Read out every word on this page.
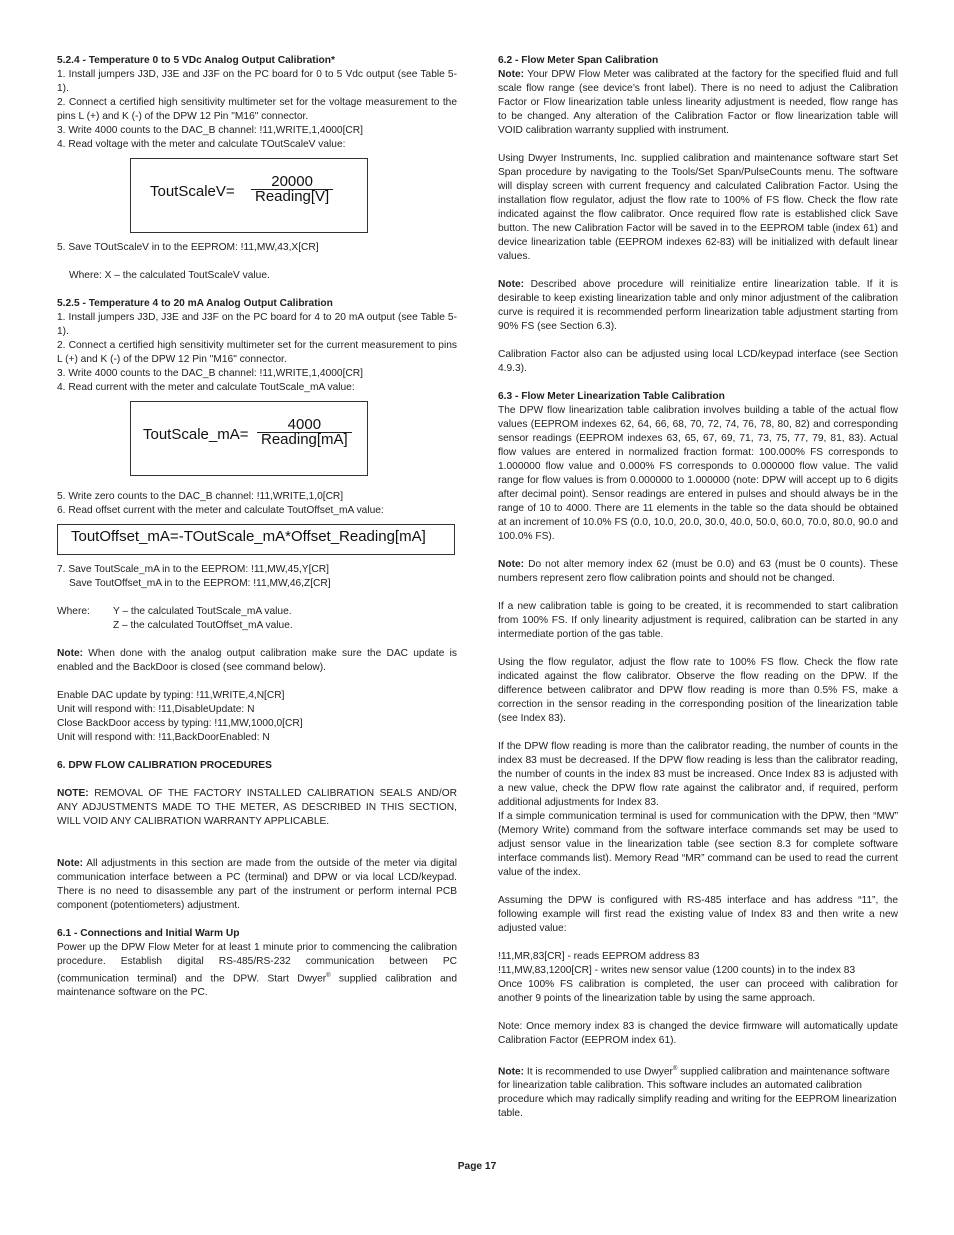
5.2.4 - Temperature 0 to 5 VDc Analog Output Calibration*

1. Install jumpers J3D, J3E and J3F on the PC board for 0 to 5 Vdc output (see Table 5-1).

2. Connect a certified high sensitivity multimeter set for the voltage measurement to the pins L (+) and K (-) of the DPW 12 Pin "M16" connector.

3. Write 4000 counts to the DAC_B channel: !11,WRITE,1,4000[CR]

4. Read voltage with the meter and calculate TOutScaleV value:

ToutScaleV=
20000
Reading[V]

5. Save TOutScaleV in to the EEPROM: !11,MW,43,X[CR]

Where: X – the calculated ToutScaleV value.

5.2.5 - Temperature 4 to 20 mA Analog Output Calibration

1. Install jumpers J3D, J3E and J3F on the PC board for 4 to 20 mA output (see Table 5-1).

2. Connect a certified high sensitivity multimeter set for the current measurement to pins L (+) and K (-) of the DPW 12 Pin "M16" connector.

3. Write 4000 counts to the DAC_B channel: !11,WRITE,1,4000[CR]

4. Read current with the meter and calculate ToutScale_mA value:

ToutScale_mA=
4000
Reading[mA]

5. Write zero counts to the DAC_B channel: !11,WRITE,1,0[CR]

6. Read offset current with the meter and calculate ToutOffset_mA value:

ToutOffset_mA=-TOutScale_mA*Offset_Reading[mA]

7. Save ToutScale_mA in to the EEPROM: !11,MW,45,Y[CR]

Save ToutOffset_mA in to the EEPROM: !11,MW,46,Z[CR]

Where:	Y – the calculated ToutScale_mA value.

Z – the calculated ToutOffset_mA value.

Note: When done with the analog output calibration make sure the DAC update is enabled and the BackDoor is closed (see command below).

Enable DAC update by typing: !11,WRITE,4,N[CR]

Unit will respond with: !11,DisableUpdate: N

Close BackDoor access by typing: !11,MW,1000,0[CR]

Unit will respond with: !11,BackDoorEnabled: N

6. DPW FLOW CALIBRATION PROCEDURES

NOTE: REMOVAL OF THE FACTORY INSTALLED CALIBRATION SEALS AND/OR ANY ADJUSTMENTS MADE TO THE METER, AS DESCRIBED IN THIS SECTION, WILL VOID ANY CALIBRATION WARRANTY APPLICABLE.

Note: All adjustments in this section are made from the outside of the meter via digital communication interface between a PC (terminal) and DPW or via local LCD/keypad. There is no need to disassemble any part of the instrument or perform internal PCB component (potentiometers) adjustment.

6.1 - Connections and Initial Warm Up

Power up the DPW Flow Meter for at least 1 minute prior to commencing the calibration procedure. Establish digital RS-485/RS-232 communication between PC (communication terminal) and the DPW. Start Dwyer® supplied calibration and maintenance software on the PC.

6.2 - Flow Meter Span Calibration

Note: Your DPW Flow Meter was calibrated at the factory for the specified fluid and full scale flow range (see device’s front label). There is no need to adjust the Calibration Factor or Flow linearization table unless linearity adjustment is needed, flow range has to be changed. Any alteration of the Calibration Factor or flow linearization table will VOID calibration warranty supplied with instrument.

Using Dwyer Instruments, Inc. supplied calibration and maintenance software start Set Span procedure by navigating to the Tools/Set Span/PulseCounts menu. The software will display screen with current frequency and calculated Calibration Factor. Using the installation flow regulator, adjust the flow rate to 100% of FS flow. Check the flow rate indicated against the flow calibrator. Once required flow rate is established click Save button. The new Calibration Factor will be saved in to the EEPROM table (index 61) and device linearization table (EEPROM indexes 62-83) will be initialized with default linear values.

Note: Described above procedure will reinitialize entire linearization table. If it is desirable to keep existing linearization table and only minor adjustment of the calibration curve is required it is recommended perform linearization table adjustment starting from 90% FS (see Section 6.3).

Calibration Factor also can be adjusted using local LCD/keypad interface (see Section 4.9.3).

6.3 - Flow Meter Linearization Table Calibration

The DPW flow linearization table calibration involves building a table of the actual flow values (EEPROM indexes 62, 64, 66, 68, 70, 72, 74, 76, 78, 80, 82) and corresponding sensor readings (EEPROM indexes 63, 65, 67, 69, 71, 73, 75, 77, 79, 81, 83). Actual flow values are entered in normalized fraction format: 100.000% FS corresponds to 1.000000 flow value and 0.000% FS corresponds to 0.000000 flow value. The valid range for flow values is from 0.000000 to 1.000000 (note: DPW will accept up to 6 digits after decimal point). Sensor readings are entered in pulses and should always be in the range of 10 to 4000. There are 11 elements in the table so the data should be obtained at an increment of 10.0% FS (0.0, 10.0, 20.0, 30.0, 40.0, 50.0, 60.0, 70.0, 80.0, 90.0 and 100.0% FS).

Note: Do not alter memory index 62 (must be 0.0) and 63 (must be 0 counts). These numbers represent zero flow calibration points and should not be changed.

If a new calibration table is going to be created, it is recommended to start calibration from 100% FS. If only linearity adjustment is required, calibration can be started in any intermediate portion of the gas table.

Using the flow regulator, adjust the flow rate to 100% FS flow. Check the flow rate indicated against the flow calibrator. Observe the flow reading on the DPW. If the difference between calibrator and DPW flow reading is more than 0.5% FS, make a correction in the sensor reading in the corresponding position of the linearization table (see Index 83).

If the DPW flow reading is more than the calibrator reading, the number of counts in the index 83 must be decreased. If the DPW flow reading is less than the calibrator reading, the number of counts in the index 83 must be increased. Once Index 83 is adjusted with a new value, check the DPW flow rate against the calibrator and, if required, perform additional adjustments for Index 83.

If a simple communication terminal is used for communication with the DPW, then “MW” (Memory Write) command from the software interface commands set may be used to adjust sensor value in the linearization table (see section 8.3 for complete software interface commands list). Memory Read “MR” command can be used to read the current value of the index.

Assuming the DPW is configured with RS-485 interface and has address “11”, the following example will first read the existing value of Index 83 and then write a new adjusted value:

!11,MR,83[CR] - reads EEPROM address 83

!11,MW,83,1200[CR] - writes new sensor value (1200 counts) in to the index 83

Once 100% FS calibration is completed, the user can proceed with calibration for another 9 points of the linearization table by using the same approach.

Note: Once memory index 83 is changed the device firmware will automatically update Calibration Factor (EEPROM index 61).

Note: It is recommended to use Dwyer® supplied calibration and maintenance software for linearization table calibration. This software includes an automated calibration procedure which may radically simplify reading and writing for the EEPROM linearization table.

Page 17
